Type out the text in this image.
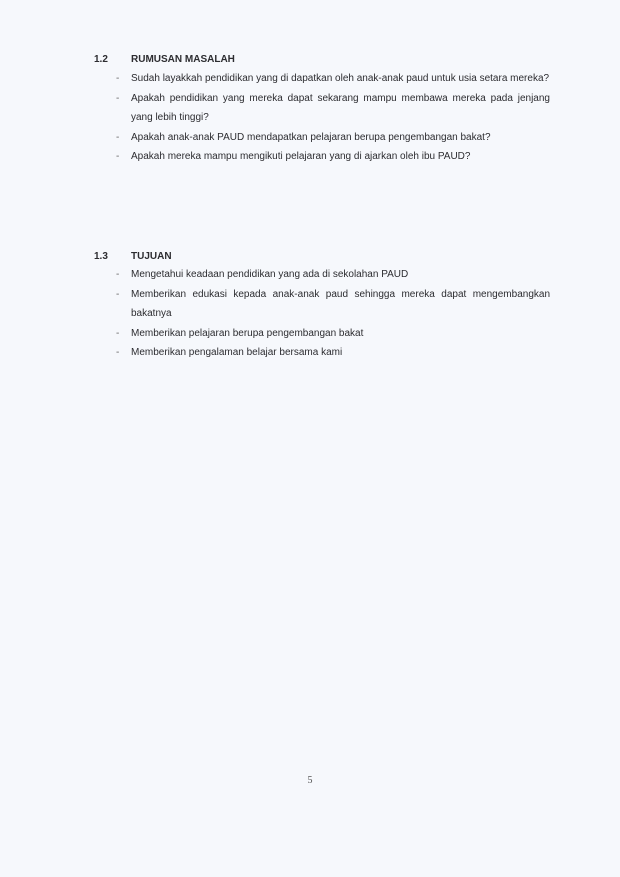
1.2	RUMUSAN MASALAH
-	Sudah layakkah pendidikan yang di dapatkan oleh anak-anak paud untuk usia setara mereka?
-	Apakah pendidikan yang mereka dapat sekarang mampu membawa mereka pada jenjang yang lebih tinggi?
-	Apakah anak-anak PAUD mendapatkan pelajaran berupa pengembangan bakat?
-	Apakah mereka mampu mengikuti pelajaran yang di ajarkan oleh ibu PAUD?
1.3	TUJUAN
-	Mengetahui keadaan pendidikan yang ada di sekolahan PAUD
-	Memberikan edukasi kepada anak-anak paud sehingga mereka dapat mengembangkan bakatnya
-	Memberikan pelajaran berupa pengembangan bakat
-	Memberikan pengalaman belajar bersama kami
5
